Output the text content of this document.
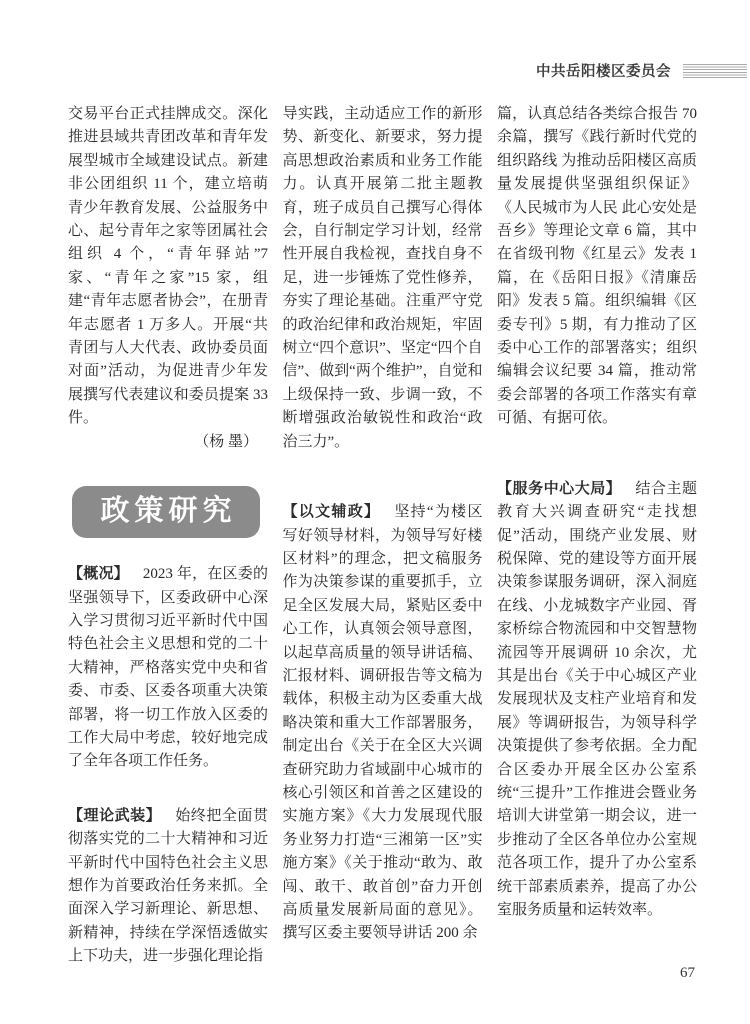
中共岳阳楼区委员会
交易平台正式挂牌成交。深化推进县域共青团改革和青年发展型城市全域建设试点。新建非公团组织 11 个，建立培萌青少年教育发展、公益服务中心、起兮青年之家等团属社会组织 4 个，“青年驿站”7 家、“青年之家”15 家，组建“青年志愿者协会”，在册青年志愿者 1 万多人。开展“共青团与人大代表、政协委员面对面”活动，为促进青少年发展撰写代表建议和委员提案 33 件。
（杨 墨）
政策研究
【概况】 2023 年，在区委的坚强领导下，区委政研中心深入学习贯彻习近平新时代中国特色社会主义思想和党的二十大精神，严格落实党中央和省委、市委、区委各项重大决策部署，将一切工作放入区委的工作大局中考虑，较好地完成了全年各项工作任务。
【理论武装】 始终把全面贯彻落实党的二十大精神和习近平新时代中国特色社会主义思想作为首要政治任务来抓。全面深入学习新理论、新思想、新精神，持续在学深悟透做实上下功夫，进一步强化理论指
导实践，主动适应工作的新形势、新变化、新要求，努力提高思想政治素质和业务工作能力。认真开展第二批主题教育，班子成员自己撰写心得体会，自行制定学习计划，经常性开展自我检视，查找自身不足，进一步锤炼了党性修养，夯实了理论基础。注重严守党的政治纪律和政治规矩，牢固树立“四个意识”、坚定“四个自信”、做到“两个维护”，自觉和上级保持一致、步调一致，不断增强政治敏锐性和政治“政治三力”。
【以文辅政】 坚持“为楼区写好领导材料，为领导写好楼区材料”的理念，把文稿服务作为决策参谋的重要抓手，立足全区发展大局，紧贴区委中心工作，认真领会领导意图，以起草高质量的领导讲话稿、汇报材料、调研报告等文稿为载体，积极主动为区委重大战略决策和重大工作部署服务，制定出台《关于在全区大兴调查研究助力省域副中心城市的核心引领区和首善之区建设的实施方案》《大力发展现代服务业努力打造“三湘第一区”实施方案》《关于推动“敢为、敢闯、敢干、敢首创”奋力开创高质量发展新局面的意见》。撰写区委主要领导讲话 200 余
篇，认真总结各类综合报告 70 余篇，撰写《践行新时代党的组织路线 为推动岳阳楼区高质量发展提供坚强组织保证》《人民城市为人民 此心安处是吾乡》等理论文章 6 篇，其中在省级刊物《红星云》发表 1 篇，在《岳阳日报》《清廉岳阳》发表 5 篇。组织编辑《区委专刊》5 期，有力推动了区委中心工作的部署落实；组织编辑会议纪要 34 篇，推动常委会部署的各项工作落实有章可循、有据可依。
【服务中心大局】 结合主题教育大兴调查研究“走找想促”活动，围绕产业发展、财税保障、党的建设等方面开展决策参谋服务调研，深入洞庭在线、小龙城数字产业园、胥家桥综合物流园和中交智慧物流园等开展调研 10 余次，尤其是出台《关于中心城区产业发展现状及支柱产业培育和发展》等调研报告，为领导科学决策提供了参考依据。全力配合区委办开展全区办公室系统“三提升”工作推进会暨业务培训大讲堂第一期会议，进一步推动了全区各单位办公室规范各项工作，提升了办公室系统干部素质素养，提高了办公室服务质量和运转效率。
67
